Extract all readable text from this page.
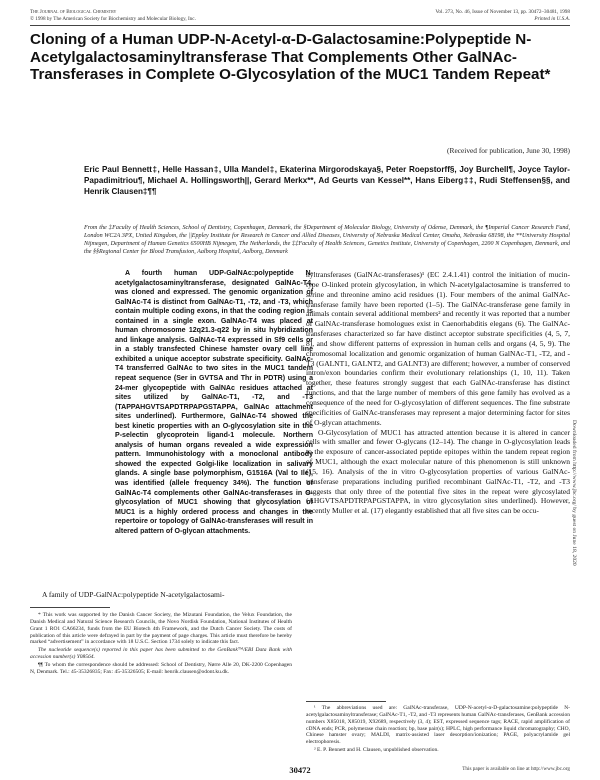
The Journal of Biological Chemistry
© 1998 by The American Society for Biochemistry and Molecular Biology, Inc.
Vol. 273, No. 46, Issue of November 13, pp. 30472–30481, 1998
Printed in U.S.A.
Cloning of a Human UDP-N-Acetyl-α-D-Galactosamine:Polypeptide N-Acetylgalactosaminyltransferase That Complements Other GalNAc-Transferases in Complete O-Glycosylation of the MUC1 Tandem Repeat*
(Received for publication, June 30, 1998)
Eric Paul Bennett‡, Helle Hassan‡, Ulla Mandel‡, Ekaterina Mirgorodskaya§, Peter Roepstorff§, Joy Burchell¶, Joyce Taylor-Papadimitriou¶, Michael A. Hollingsworth||, Gerard Merkx**, Ad Geurts van Kessel**, Hans Eiberg‡‡, Rudi Steffensen§§, and Henrik Clausen‡¶¶
From the ‡Faculty of Health Sciences, School of Dentistry, Copenhagen, Denmark, the §Department of Molecular Biology, University of Odense, Denmark, the ¶Imperial Cancer Research Fund, London WC2A 3PX, United Kingdom, the ||Eppley Institute for Research in Cancer and Allied Diseases, University of Nebraska Medical Center, Omaha, Nebraska 68198, the **University Hospital Nijmegen, Department of Human Genetics 6500HB Nijmegen, The Netherlands, the ‡‡Faculty of Health Sciences, Genetics Institute, University of Copenhagen, 2200 N Copenhagen, Denmark, and the §§Regional Center for Blood Transfusion, Aalborg Hospital, Aalborg, Denmark
Downloaded from http://www.jbc.org/ by guest on June 18, 2020

A fourth human UDP-GalNAc:polypeptide N-acetylgalactosaminyltransferase, designated GalNAc-T4, was cloned and expressed. The genomic organization of GalNAc-T4 is distinct from GalNAc-T1, -T2, and -T3, which contain multiple coding exons, in that the coding region is contained in a single exon. GalNAc-T4 was placed at human chromosome 12q21.3-q22 by in situ hybridization and linkage analysis. GalNAc-T4 expressed in Sf9 cells or in a stably transfected Chinese hamster ovary cell line exhibited a unique acceptor substrate specificity. GalNAc-T4 transferred GalNAc to two sites in the MUC1 tandem repeat sequence (Ser in GVTSA and Thr in PDTR) using a 24-mer glycopeptide with GalNAc residues attached at sites utilized by GalNAc-T1, -T2, and -T3 (TAPPAHGVTSAPDTRPAPGSTAPPA, GalNAc attachment sites underlined). Furthermore, GalNAc-T4 showed the best kinetic properties with an O-glycosylation site in the P-selectin glycoprotein ligand-1 molecule. Northern analysis of human organs revealed a wide expression pattern. Immunohistology with a monoclonal antibody showed the expected Golgi-like localization in salivary glands. A single base polymorphism, G1516A (Val to Ile), was identified (allele frequency 34%). The function of GalNAc-T4 complements other GalNAc-transferases in O-glycosylation of MUC1 showing that glycosylation of MUC1 is a highly ordered process and changes in the repertoire or topology of GalNAc-transferases will result in altered pattern of O-glycan attachments.

A family of UDP-GalNAc:polypeptide N-acetylgalactosami-

* This work was supported by the Danish Cancer Society, the Mizutani Foundation, the Velux Foundation, the Danish Medical and Natural Science Research Councils, the Novo Nordisk Foundation, National Institutes of Health Grant 1 RO1 CA66234, funds from the EU Biotech 4th Framework, and the Dutch Cancer Society. The costs of publication of this article were defrayed in part by the payment of page charges. This article must therefore be hereby marked “advertisement” in accordance with 18 U.S.C. Section 1734 solely to indicate this fact.

The nucleotide sequence(s) reported in this paper has been submitted to the GenBank™/EBI Data Bank with accession number(s) Y08564.

¶¶ To whom the correspondence should be addressed: School of Dentistry, Nørre Alle 20, DK-2200 Copenhagen N, Denmark. Tel.: 45-35326835; Fax: 45-35326505; E-mail: henrik.clausen@odont.ku.dk.

nyltransferases (GalNAc-transferases)¹ (EC 2.4.1.41) control the initiation of mucin-type O-linked protein glycosylation, in which N-acetylgalactosamine is transferred to serine and threonine amino acid residues (1). Four members of the animal GalNAc-transferase family have been reported (1–5). The GalNAc-transferase gene family in animals contain several additional members² and recently it was reported that a number of GalNAc-transferase homologues exist in Caenorhabditis elegans (6). The GalNAc-transferases characterized so far have distinct acceptor substrate specificities (4, 5, 7, 8), and show different patterns of expression in human cells and organs (4, 5, 9). The chromosomal localization and genomic organization of human GalNAc-T1, -T2, and -T3 (GALNT1, GALNT2, and GALNT3) are different; however, a number of conserved intron/exon boundaries confirm their evolutionary relationships (1, 10, 11). Taken together, these features strongly suggest that each GalNAc-transferase has distinct functions, and that the large number of members of this gene family has evolved as a consequence of the need for O-glycosylation of different sequences. The fine substrate specificities of GalNAc-transferases may represent a major determining factor for sites of O-glycan attachments.

O-Glycosylation of MUC1 has attracted attention because it is altered in cancer cells with smaller and fewer O-glycans (12–14). The change in O-glycosylation leads to the exposure of cancer-associated peptide epitopes within the tandem repeat region of MUC1, although the exact molecular nature of this phenomenon is still unknown (15, 16). Analysis of the in vitro O-glycosylation properties of various GalNAc-transferase preparations including purified recombinant GalNAc-T1, -T2, and -T3 suggests that only three of the potential five sites in the repeat were glycosylated (AHGVTSAPDTRPAPGSTAPPA, in vitro glycosylation sites underlined). However, recently Muller et al. (17) elegantly established that all five sites can be occu-

¹ The abbreviations used are: GalNAc-transferase, UDP-N-acetyl-α-D-galactosamine:polypeptide N-acetylgalactosaminyltransferase; GalNAc-T1, -T2, and -T3 represents human GalNAc-transferases, GenBank accession numbers X85018, X85019, X92689, respectively (3, 4); EST, expressed sequence tags; RACE, rapid amplification of cDNA ends; PCR, polymerase chain reaction; bp, base pair(s); HPLC, high performance liquid chromatography; CHO, Chinese hamster ovary; MALDI, matrix-assisted laser desorption/ionization; PAGE, polyacrylamide gel electrophoresis.

² E. P. Bennett and H. Clausen, unpublished observation.

30472	This paper is available on line at http://www.jbc.org
